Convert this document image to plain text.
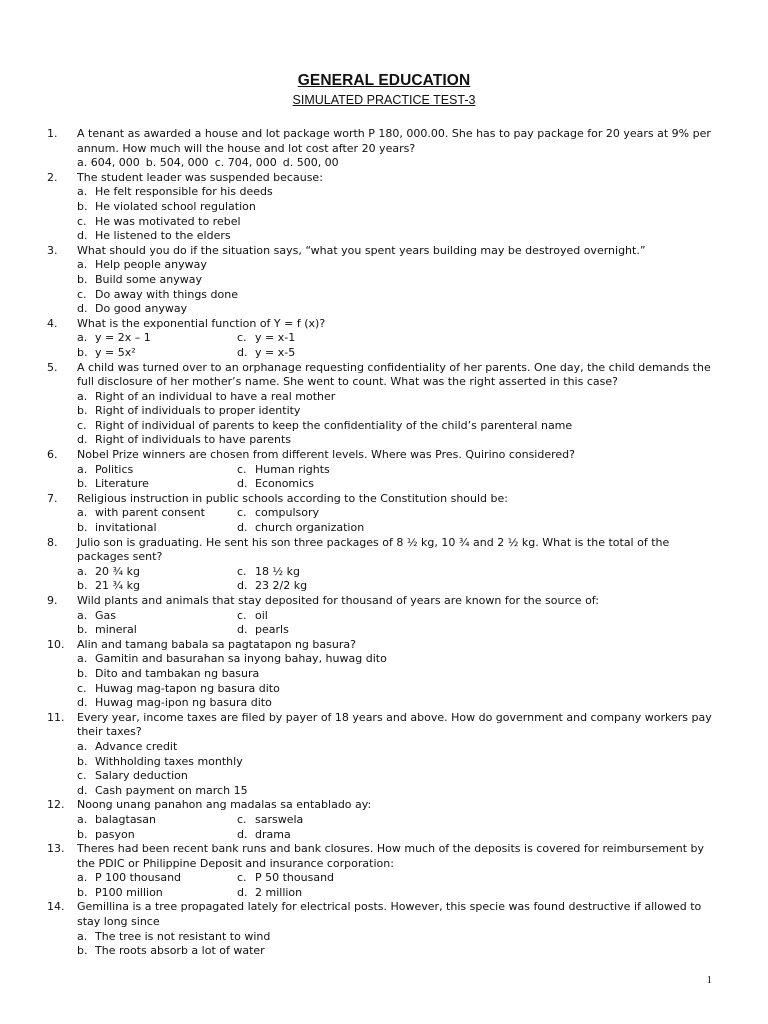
GENERAL EDUCATION
SIMULATED PRACTICE TEST-3
1. A tenant as awarded a house and lot package worth P 180, 000.00. She has to pay package for 20 years at 9% per annum. How much will the house and lot cost after 20 years?
a. 604, 000 b. 504, 000 c. 704, 000 d. 500, 00
2. The student leader was suspended because:
a. He felt responsible for his deeds
b. He violated school regulation
c. He was motivated to rebel
d. He listened to the elders
3. What should you do if the situation says, “what you spent years building may be destroyed overnight.”
a. Help people anyway
b. Build some anyway
c. Do away with things done
d. Do good anyway
4. What is the exponential function of Y = f (x)?
a. y = 2x – 1	c. y = x-1
b. y = 5x²	d. y = x-5
5. A child was turned over to an orphanage requesting confidentiality of her parents. One day, the child demands the full disclosure of her mother’s name. She went to count. What was the right asserted in this case?
a. Right of an individual to have a real mother
b. Right of individuals to proper identity
c. Right of individual of parents to keep the confidentiality of the child’s parenteral name
d. Right of individuals to have parents
6. Nobel Prize winners are chosen from different levels. Where was Pres. Quirino considered?
a. Politics	c. Human rights
b. Literature	d. Economics
7. Religious instruction in public schools according to the Constitution should be:
a. with parent consent	c. compulsory
b. invitational	d. church organization
8. Julio son is graduating. He sent his son three packages of 8 ½ kg, 10 ¾ and 2 ½ kg. What is the total of the packages sent?
a. 20 ¾ kg	c. 18 ½ kg
b. 21 ¾ kg	d. 23 2/2 kg
9. Wild plants and animals that stay deposited for thousand of years are known for the source of:
a. Gas	c. oil
b. mineral	d. pearls
10. Alin and tamang babala sa pagtatapon ng basura?
a. Gamitin and basurahan sa inyong bahay, huwag dito
b. Dito and tambakan ng basura
c. Huwag mag-tapon ng basura dito
d. Huwag mag-ipon ng basura dito
11. Every year, income taxes are filed by payer of 18 years and above. How do government and company workers pay their taxes?
a. Advance credit
b. Withholding taxes monthly
c. Salary deduction
d. Cash payment on march 15
12. Noong unang panahon ang madalas sa entablado ay:
a. balagtasan	c. sarswela
b. pasyon	d. drama
13. Theres had been recent bank runs and bank closures. How much of the deposits is covered for reimbursement by the PDIC or Philippine Deposit and insurance corporation:
a. P 100 thousand	c. P 50 thousand
b. P100 million	d. 2 million
14. Gemillina is a tree propagated lately for electrical posts. However, this specie was found destructive if allowed to stay long since
a. The tree is not resistant to wind
b. The roots absorb a lot of water
1
